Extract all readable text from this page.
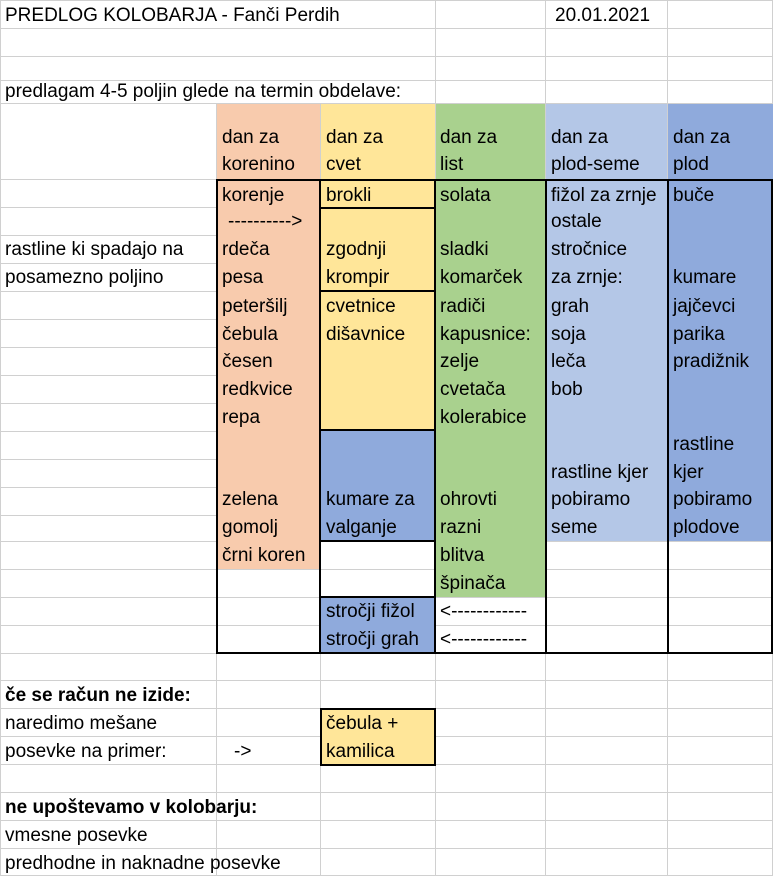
PREDLOG KOLOBARJA - Fanči Perdih	20.01.2021
predlagam 4-5 poljin glede na termin obdelave:
dan za
korenino
dan za
cvet
dan za
list
dan za
plod-seme
dan za
plod
rastline ki spadajo na
posamezno poljino
korenje
---------->
rdeča
pesa
peteršilj
čebula
česen
redkvice
repa
zelena
gomolj
črni koren
brokli
zgodnji
krompir
cvetnice
dišavnice
kumare za
valganje
stročji fižol
stročji grah
solata
sladki
komarček
radiči
kapusnice:
zelje
cvetača
kolerabice
ohrovti
razni
blitva
špinača
<------------
<------------
fižol za zrnje
ostale
stročnice
za zrnje:
grah
soja
leča
bob
rastline kjer
pobiramo
seme
buče
kumare
jajčevci
parika
pradižnik
rastline
kjer
pobiramo
plodove
če se račun ne izide:
naredimo mešane
posevke na primer:	->
čebula +
kamilica
ne upoštevamo v kolobarju:
vmesne posevke
predhodne in naknadne posevke
